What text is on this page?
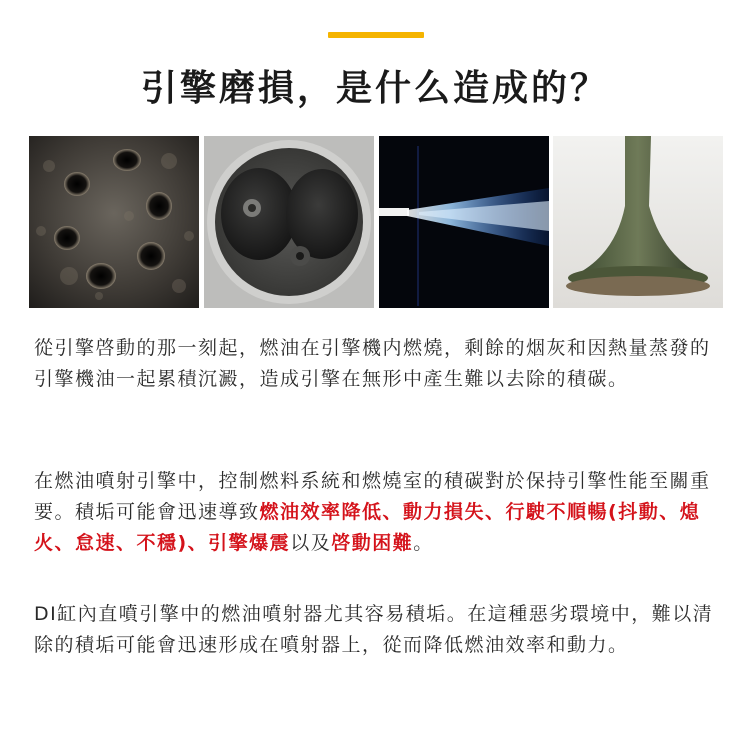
引擎磨損，是什么造成的？

從引擎啓動的那一刻起，燃油在引擎機内燃燒，剩餘的烟灰和因熱量蒸發的引擎機油一起累積沉澱，造成引擎在無形中產生難以去除的積碳。

在燃油噴射引擎中，控制燃料系統和燃燒室的積碳對於保持引擎性能至關重要。積垢可能會迅速導致燃油效率降低、動力損失、行駛不順暢(抖動、熄火、怠速、不穩)、引擎爆震以及啓動困難。

DI缸內直噴引擎中的燃油噴射器尤其容易積垢。在這種惡劣環境中，難以清除的積垢可能會迅速形成在噴射器上，從而降低燃油效率和動力。
